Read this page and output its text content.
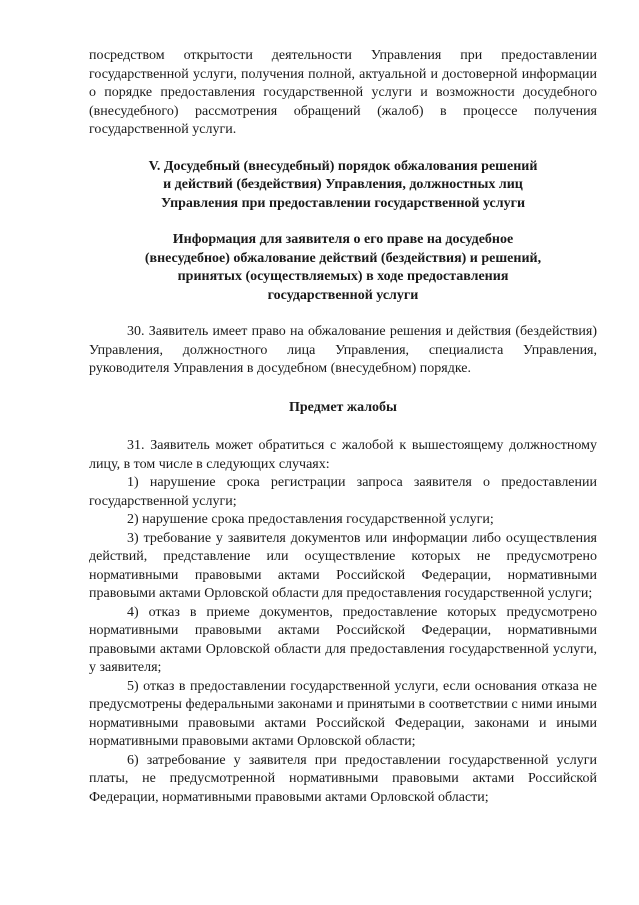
посредством открытости деятельности Управления при предоставлении государственной услуги, получения полной, актуальной и достоверной информации о порядке предоставления государственной услуги и возможности досудебного (внесудебного) рассмотрения обращений (жалоб) в процессе получения государственной услуги.

V. Досудебный (внесудебный) порядок обжалования решений

и действий (бездействия) Управления, должностных лиц

Управления при предоставлении государственной услуги

Информация для заявителя о его праве на досудебное

(внесудебное) обжалование действий (бездействия) и решений,

принятых (осуществляемых) в ходе предоставления

государственной услуги

30. Заявитель имеет право на обжалование решения и действия (бездействия) Управления, должностного лица Управления, специалиста Управления, руководителя Управления в досудебном (внесудебном) порядке.

Предмет жалобы

31. Заявитель может обратиться с жалобой к вышестоящему должностному лицу, в том числе в следующих случаях:

1) нарушение срока регистрации запроса заявителя о предоставлении государственной услуги;

2) нарушение срока предоставления государственной услуги;

3) требование у заявителя документов или информации либо осуществления действий, представление или осуществление которых не предусмотрено нормативными правовыми актами Российской Федерации, нормативными правовыми актами Орловской области для предоставления государственной услуги;

4) отказ в приеме документов, предоставление которых предусмотрено нормативными правовыми актами Российской Федерации, нормативными правовыми актами Орловской области для предоставления государственной услуги, у заявителя;

5) отказ в предоставлении государственной услуги, если основания отказа не предусмотрены федеральными законами и принятыми в соответствии с ними иными нормативными правовыми актами Российской Федерации, законами и иными нормативными правовыми актами Орловской области;

6) затребование у заявителя при предоставлении государственной услуги платы, не предусмотренной нормативными правовыми актами Российской Федерации, нормативными правовыми актами Орловской области;
